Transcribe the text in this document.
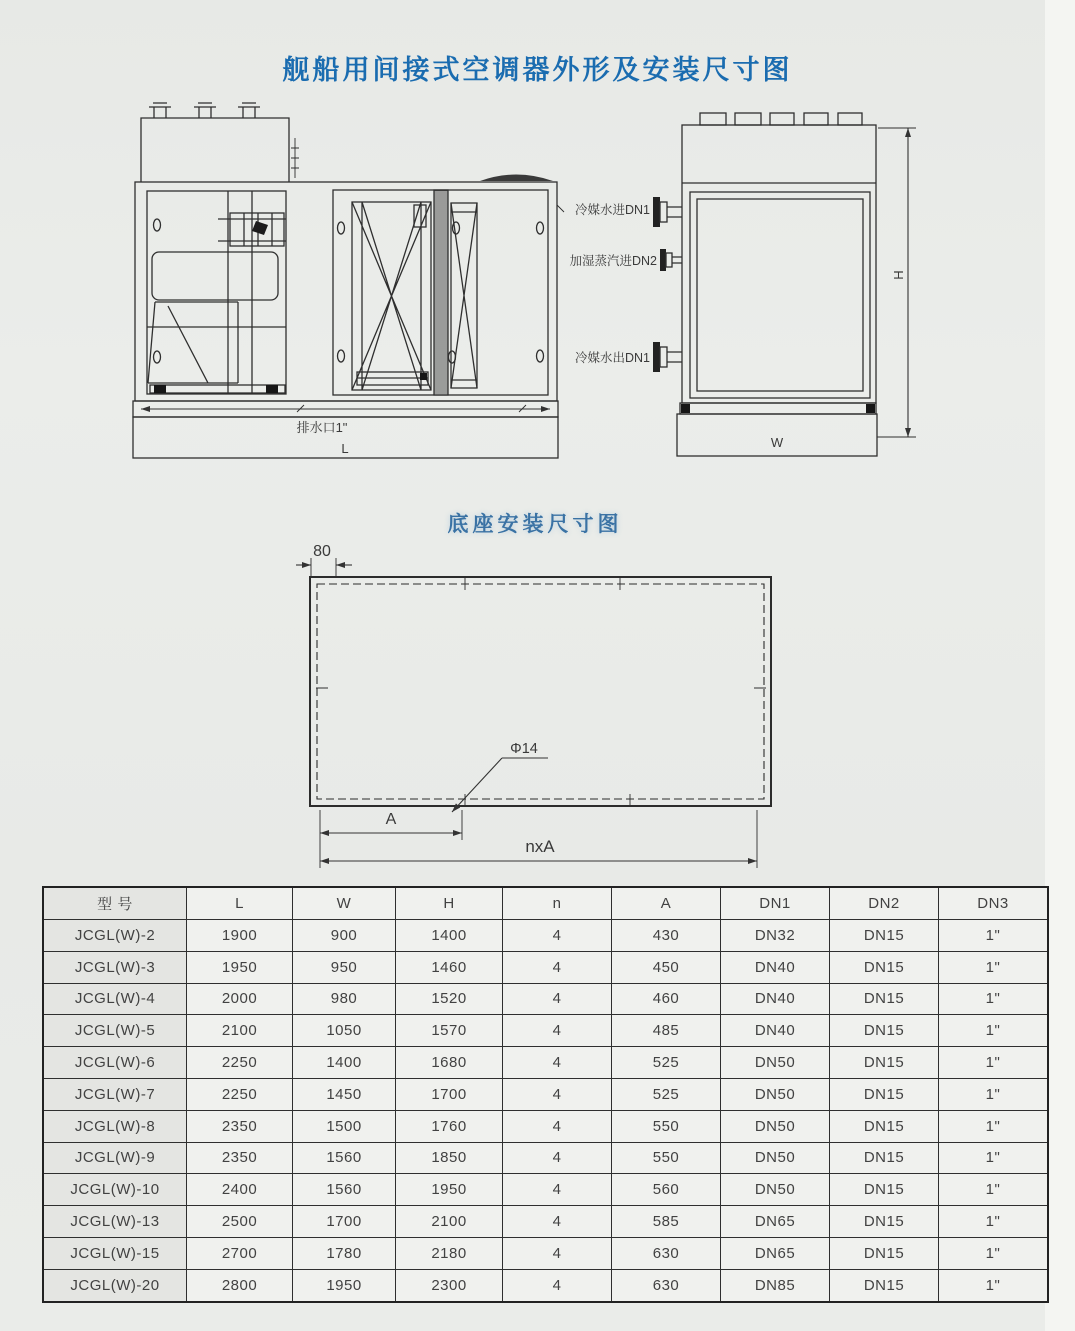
舰船用间接式空调器外形及安装尺寸图
排水口1"
L
冷媒水进DN1
加湿蒸汽进DN2
冷媒水出DN1
H
W
底座安装尺寸图
80
Φ14
A
nxA
型 号	L	W	H	n	A	DN1	DN2	DN3
JCGL(W)-2	1900	900	1400	4	430	DN32	DN15	1"
JCGL(W)-3	1950	950	1460	4	450	DN40	DN15	1"
JCGL(W)-4	2000	980	1520	4	460	DN40	DN15	1"
JCGL(W)-5	2100	1050	1570	4	485	DN40	DN15	1"
JCGL(W)-6	2250	1400	1680	4	525	DN50	DN15	1"
JCGL(W)-7	2250	1450	1700	4	525	DN50	DN15	1"
JCGL(W)-8	2350	1500	1760	4	550	DN50	DN15	1"
JCGL(W)-9	2350	1560	1850	4	550	DN50	DN15	1"
JCGL(W)-10	2400	1560	1950	4	560	DN50	DN15	1"
JCGL(W)-13	2500	1700	2100	4	585	DN65	DN15	1"
JCGL(W)-15	2700	1780	2180	4	630	DN65	DN15	1"
JCGL(W)-20	2800	1950	2300	4	630	DN85	DN15	1"
